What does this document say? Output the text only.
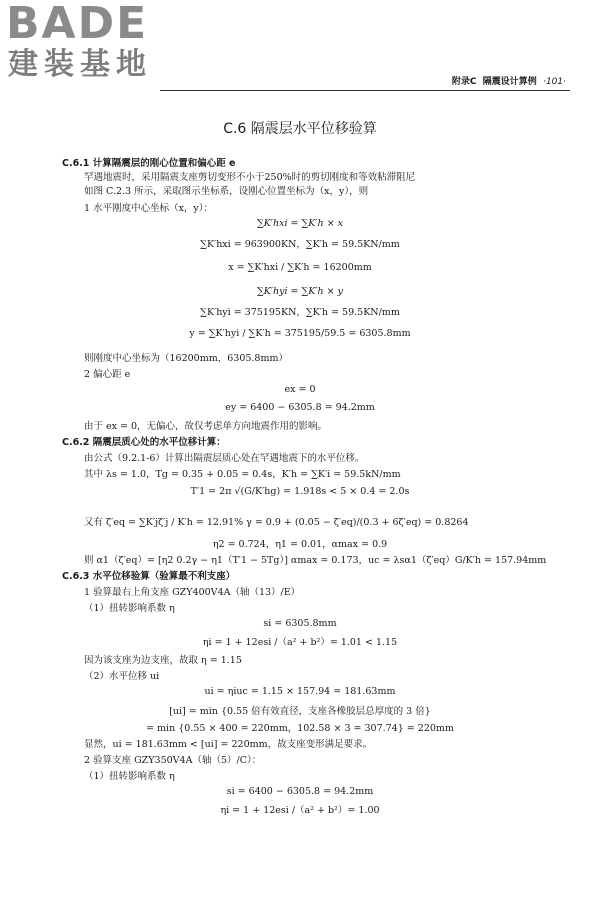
BADE
建装基地	附录C 隔震设计算例 ·101·
C.6 隔震层水平位移验算
C.6.1 计算隔震层的刚心位置和偏心距 e
罕遇地震时，采用隔震支座剪切变形不小于250%时的剪切刚度和等效粘滞阻尼
如图 C.2.3 所示，采取图示坐标系，设刚心位置坐标为（x，y），则
1 水平刚度中心坐标（x，y）：
∑K′hxi = ∑K′h × x
∑K′hxi = 963900KN，∑K′h = 59.5KN/mm
x = ∑K′hxi / ∑K′h = 16200mm
∑K′hyi = ∑K′h × y
∑K′hyi = 375195KN，∑K′h = 59.5KN/mm
y = ∑K′hyi / ∑K′h = 375195/59.5 = 6305.8mm
则刚度中心坐标为（16200mm，6305.8mm）
2 偏心距 e
ex = 0
ey = 6400 − 6305.8 = 94.2mm
由于 ex = 0，无偏心，故仅考虑单方向地震作用的影响。
C.6.2 隔震层质心处的水平位移计算：
由公式（9.2.1-6）计算出隔震层质心处在罕遇地震下的水平位移。
其中 λs = 1.0，Tg = 0.35 + 0.05 = 0.4s，K′h = ∑K′i = 59.5kN/mm
T′1 = 2π √(G/K′hg) = 1.918s < 5 × 0.4 = 2.0s
又有 ζ′eq = ∑K′jζ′j / K′h = 12.91% γ = 0.9 + (0.05 − ζ′eq)/(0.3 + 6ζ′eq) = 0.8264
η2 = 0.724，η1 = 0.01，αmax = 0.9
则 α1（ζ′eq）= [η2 0.2γ − η1（T′1 − 5Tg）] αmax = 0.173，uc = λsα1（ζ′eq）G/K′h = 157.94mm
C.6.3 水平位移验算（验算最不利支座）
1 验算最右上角支座 GZY400V4A（轴（13）/E）
（1）扭转影响系数 η
si = 6305.8mm
ηi = 1 + 12esi /（a² + b²）= 1.01 < 1.15
因为该支座为边支座，故取 η = 1.15
（2）水平位移 ui
ui = ηiuc = 1.15 × 157.94 = 181.63mm
[ui] = min {0.55 倍有效直径，支座各橡胶层总厚度的 3 倍}
= min {0.55 × 400 = 220mm，102.58 × 3 = 307.74} = 220mm
显然，ui = 181.63mm < [ui] = 220mm，故支座变形满足要求。
2 验算支座 GZY350V4A（轴（5）/C）：
（1）扭转影响系数 η
si = 6400 − 6305.8 = 94.2mm
ηi = 1 + 12esi /（a² + b²）= 1.00
